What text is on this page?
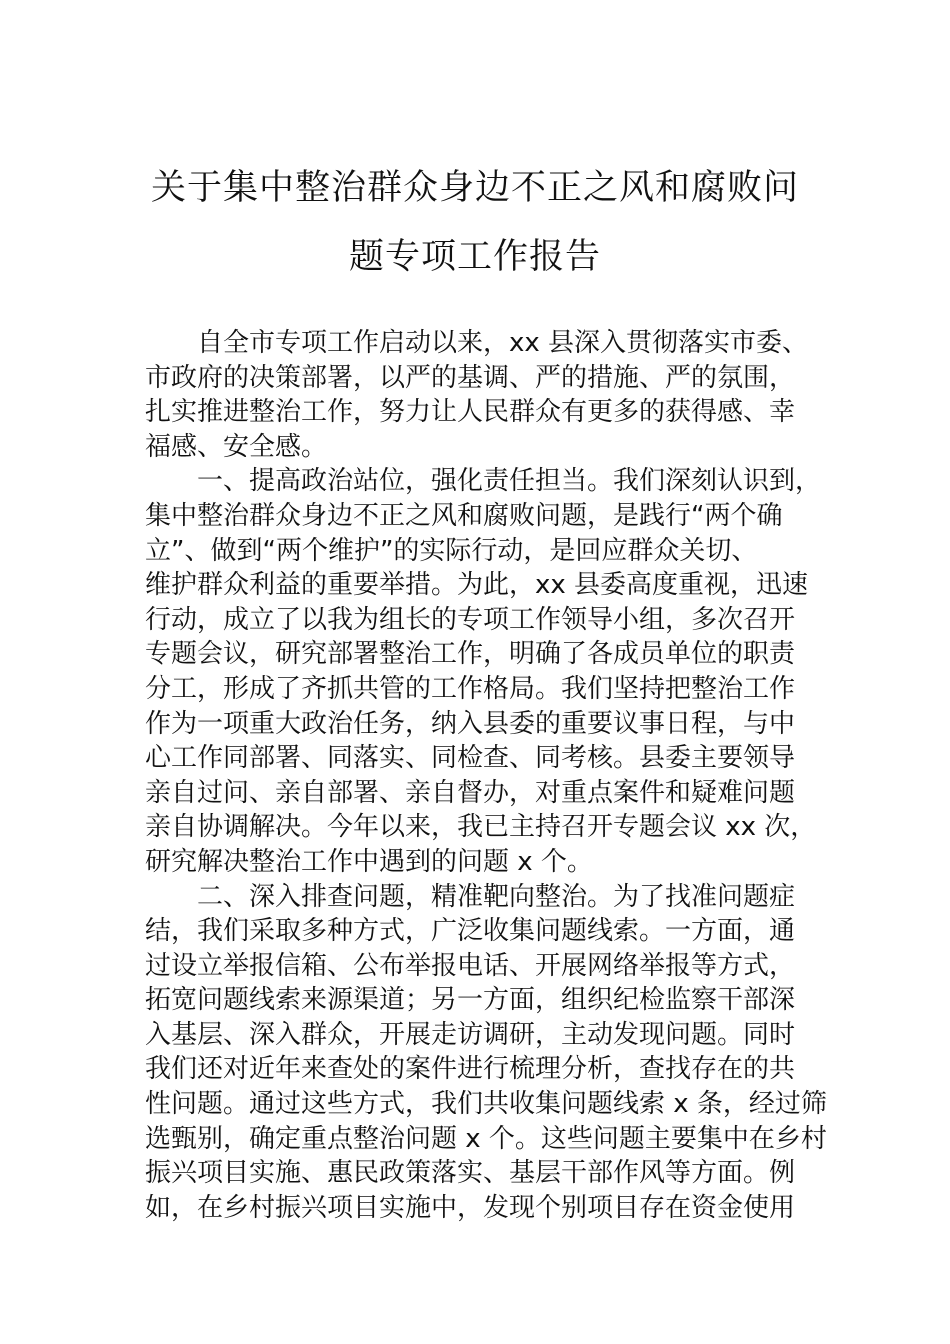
关于集中整治群众身边不正之风和腐败问
题专项工作报告
　　自全市专项工作启动以来，xx 县深入贯彻落实市委、
市政府的决策部署，以严的基调、严的措施、严的氛围，
扎实推进整治工作，努力让人民群众有更多的获得感、幸
福感、安全感。
　　一、提高政治站位，强化责任担当。我们深刻认识到，
集中整治群众身边不正之风和腐败问题，是践行“两个确
立”、做到“两个维护”的实际行动，是回应群众关切、
维护群众利益的重要举措。为此，xx 县委高度重视，迅速
行动，成立了以我为组长的专项工作领导小组，多次召开
专题会议，研究部署整治工作，明确了各成员单位的职责
分工，形成了齐抓共管的工作格局。我们坚持把整治工作
作为一项重大政治任务，纳入县委的重要议事日程，与中
心工作同部署、同落实、同检查、同考核。县委主要领导
亲自过问、亲自部署、亲自督办，对重点案件和疑难问题
亲自协调解决。今年以来，我已主持召开专题会议 xx 次，
研究解决整治工作中遇到的问题 x 个。
　　二、深入排查问题，精准靶向整治。为了找准问题症
结，我们采取多种方式，广泛收集问题线索。一方面，通
过设立举报信箱、公布举报电话、开展网络举报等方式，
拓宽问题线索来源渠道；另一方面，组织纪检监察干部深
入基层、深入群众，开展走访调研，主动发现问题。同时
我们还对近年来查处的案件进行梳理分析，查找存在的共
性问题。通过这些方式，我们共收集问题线索 x 条，经过筛
选甄别，确定重点整治问题 x 个。这些问题主要集中在乡村
振兴项目实施、惠民政策落实、基层干部作风等方面。例
如，在乡村振兴项目实施中，发现个别项目存在资金使用
